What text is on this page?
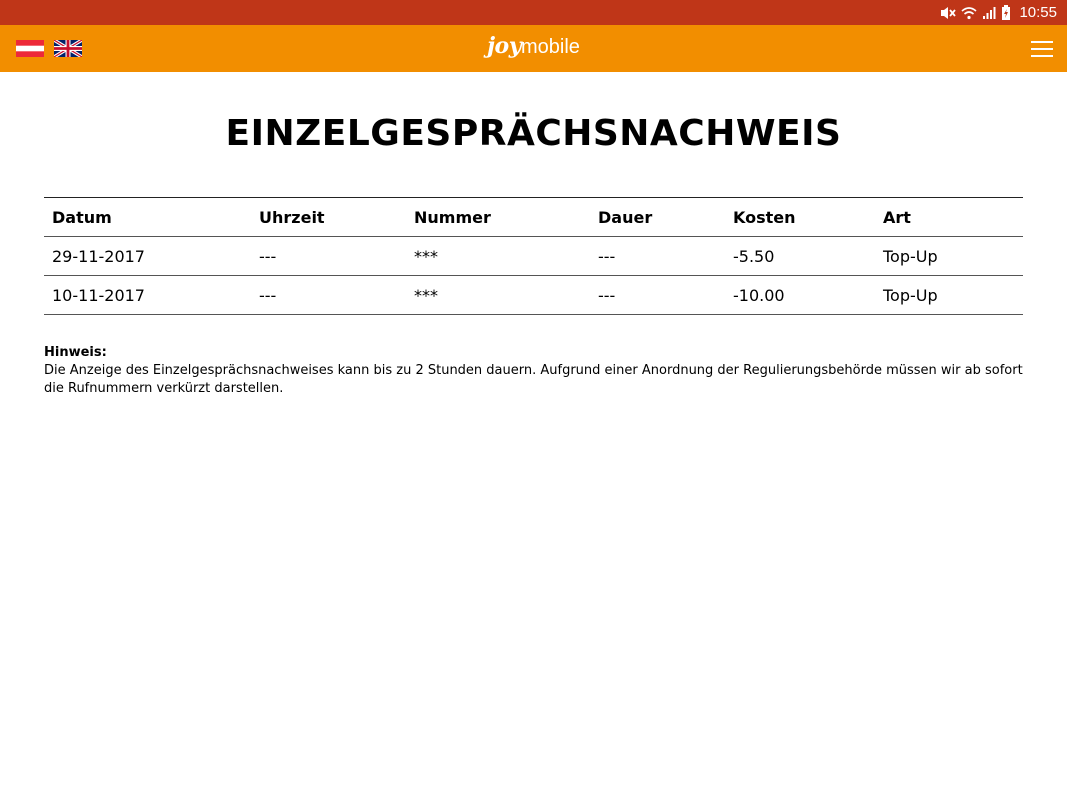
10:55
joymobile
EINZELGESPRÄCHSNACHWEIS
Datum	Uhrzeit	Nummer	Dauer	Kosten	Art
29-11-2017	---	***	---	-5.50	Top-Up
10-11-2017	---	***	---	-10.00	Top-Up
Hinweis:
Die Anzeige des Einzelgesprächsnachweises kann bis zu 2 Stunden dauern. Aufgrund einer Anordnung der Regulierungsbehörde müssen wir ab sofort die Rufnummern verkürzt darstellen.
